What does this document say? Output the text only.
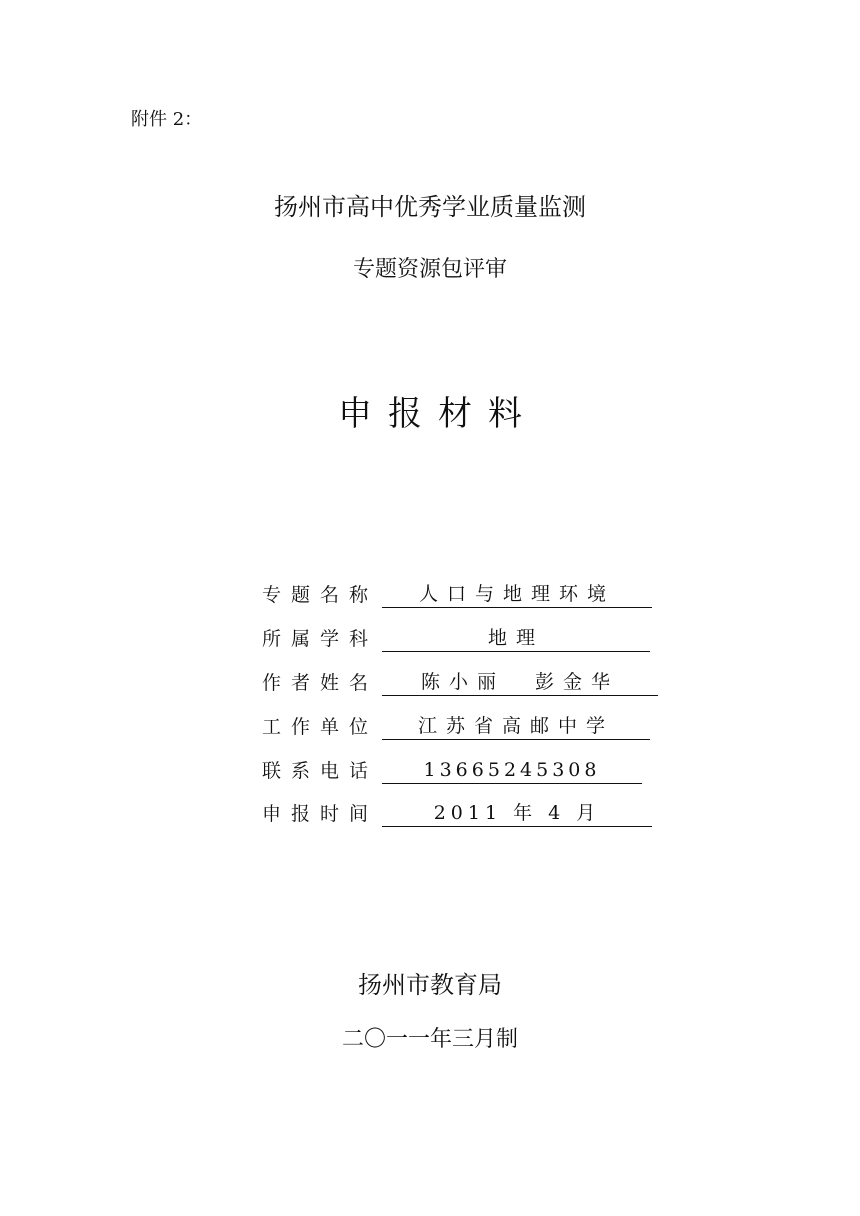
附件 2：
扬州市高中优秀学业质量监测
专题资源包评审
申报材料
专题名称	人口与地理环境
所属学科	地理
作者姓名	陈小丽  彭金华
工作单位	江苏省高邮中学
联系电话	13665245308
申报时间	2011 年 4 月
扬州市教育局
二〇一一年三月制
